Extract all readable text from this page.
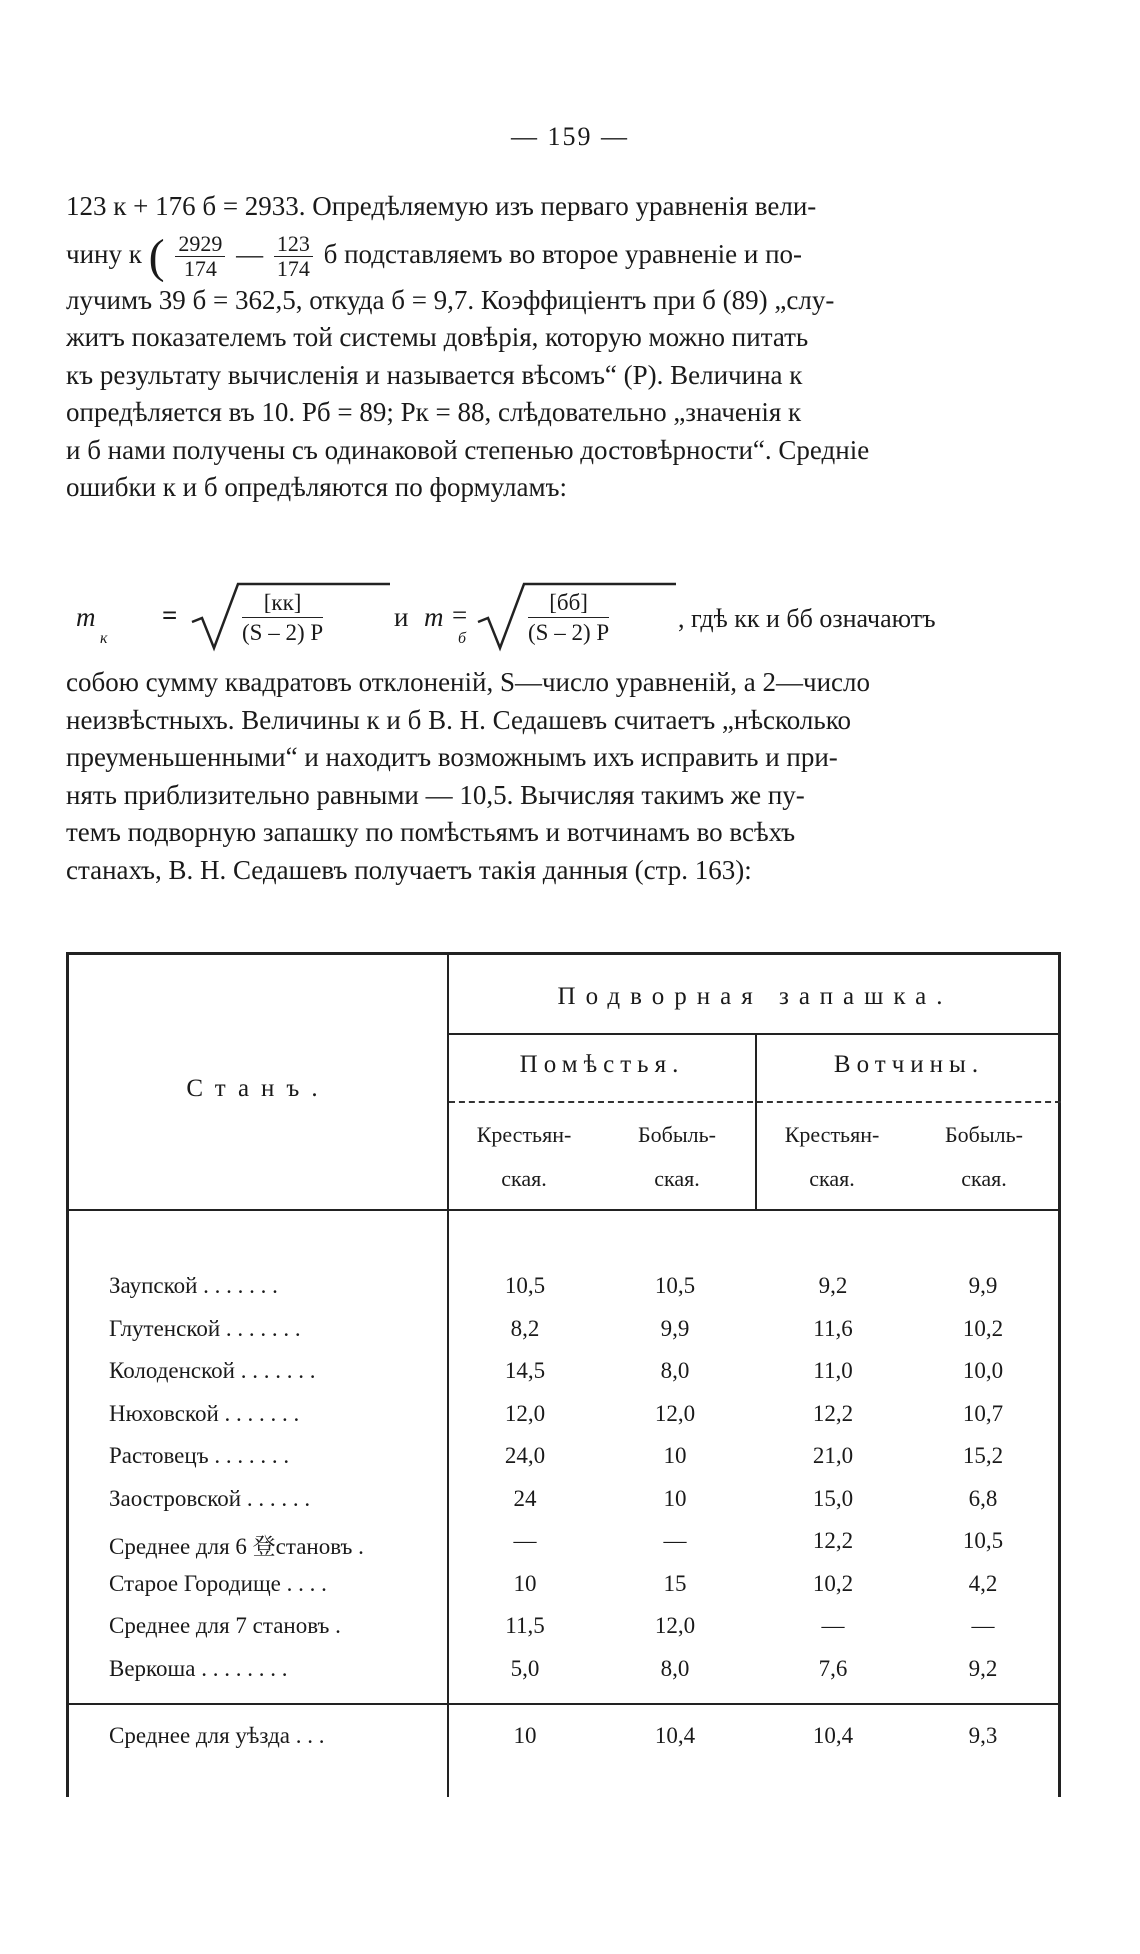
— 159 —
123 к + 176 б = 2933. Опредѣляемую изъ перваго уравненія вели-
чину к ( $\frac{2929}{174}$ — $\frac{123}{174}$ б подставляемъ во второе уравненіе и по-
лучимъ 39 б = 362,5, откуда б = 9,7. Коэффиціентъ при б (89) „слу-
житъ показателемъ той системы довѣрія, которую можно питать
къ результату вычисленія и называется вѣсомъ“ (Р). Величина к
опредѣляется въ 10. Рб = 89; Рк = 88, слѣдовательно „значенія к
и б нами получены съ одинаковой степенью достовѣрности“. Средніе
ошибки к и б опредѣляются по формуламъ:
m
к
=	[кк]
(S – 2) P
и m =
б
[бб]
(S – 2) P	, гдѣ кк и бб означаютъ
собою сумму квадратовъ отклоненій, S—число уравненій, а 2—число
неизвѣстныхъ. Величины к и б В. Н. Седашевъ считаетъ „нѣсколько
преуменьшенными“ и находитъ возможнымъ ихъ исправить и при-
нять приблизительно равными — 10,5. Вычисляя такимъ же пу-
темъ подворную запашку по помѣстьямъ и вотчинамъ во всѣхъ
станахъ, В. Н. Седашевъ получаетъ такія данныя (стр. 163):
Станъ.
Подворная запашка.
Помѣстья.	Вотчины.
Крестьян-
ская.
Бобыль-
ская.
Крестьян-
ская.
Бобыль-
ская.
Заупской . . . . . . .	10,5	10,5	9,2	9,9
Глутенской . . . . . . .	8,2	9,9	11,6	10,2
Колоденской . . . . . . .	14,5	8,0	11,0	10,0
Нюховской . . . . . . .	12,0	12,0	12,2	10,7
Растовецъ . . . . . . .	24,0	10	21,0	15,2
Заостровской . . . . . .	24	10	15,0	6,8
Среднее для 6 登становъ .	—	—	12,2	10,5
Старое Городище . . . .	10	15	10,2	4,2
Среднее для 7 становъ .	11,5	12,0	—	—
Веркоша . . . . . . . .	5,0	8,0	7,6	9,2
Среднее для уѣзда . . .	10	10,4	10,4	9,3
